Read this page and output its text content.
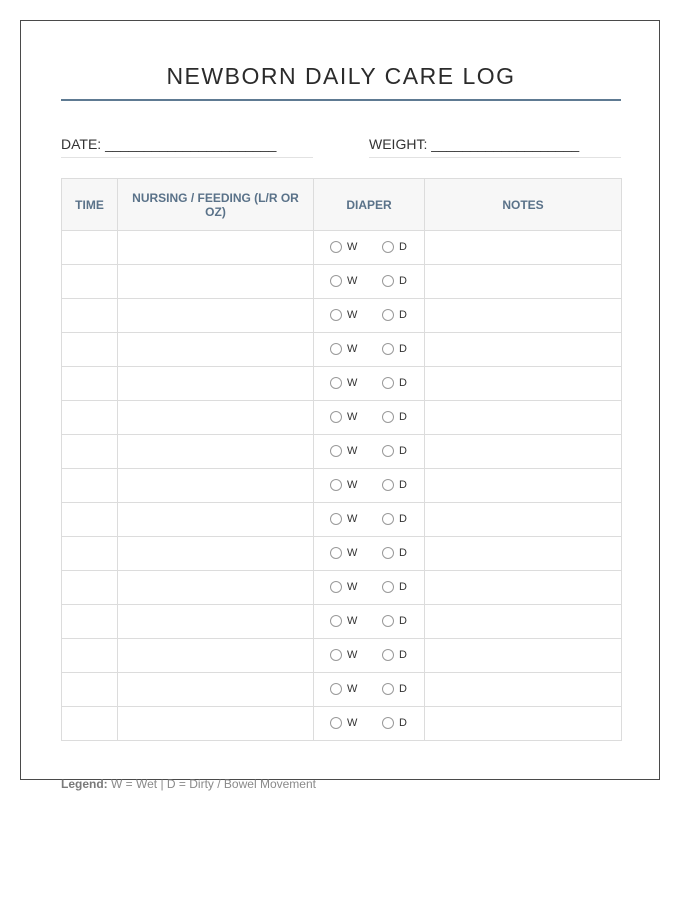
NEWBORN DAILY CARE LOG
DATE: ______________________	WEIGHT: ___________________
TIME	NURSING / FEEDING (L/R OR OZ)	DIAPER	NOTES

		W D	

		W D	

		W D	

		W D	

		W D	

		W D	

		W D	

		W D	

		W D	

		W D	

		W D	

		W D	

		W D	

		W D	

		W D	

Legend: W = Wet | D = Dirty / Bowel Movement
